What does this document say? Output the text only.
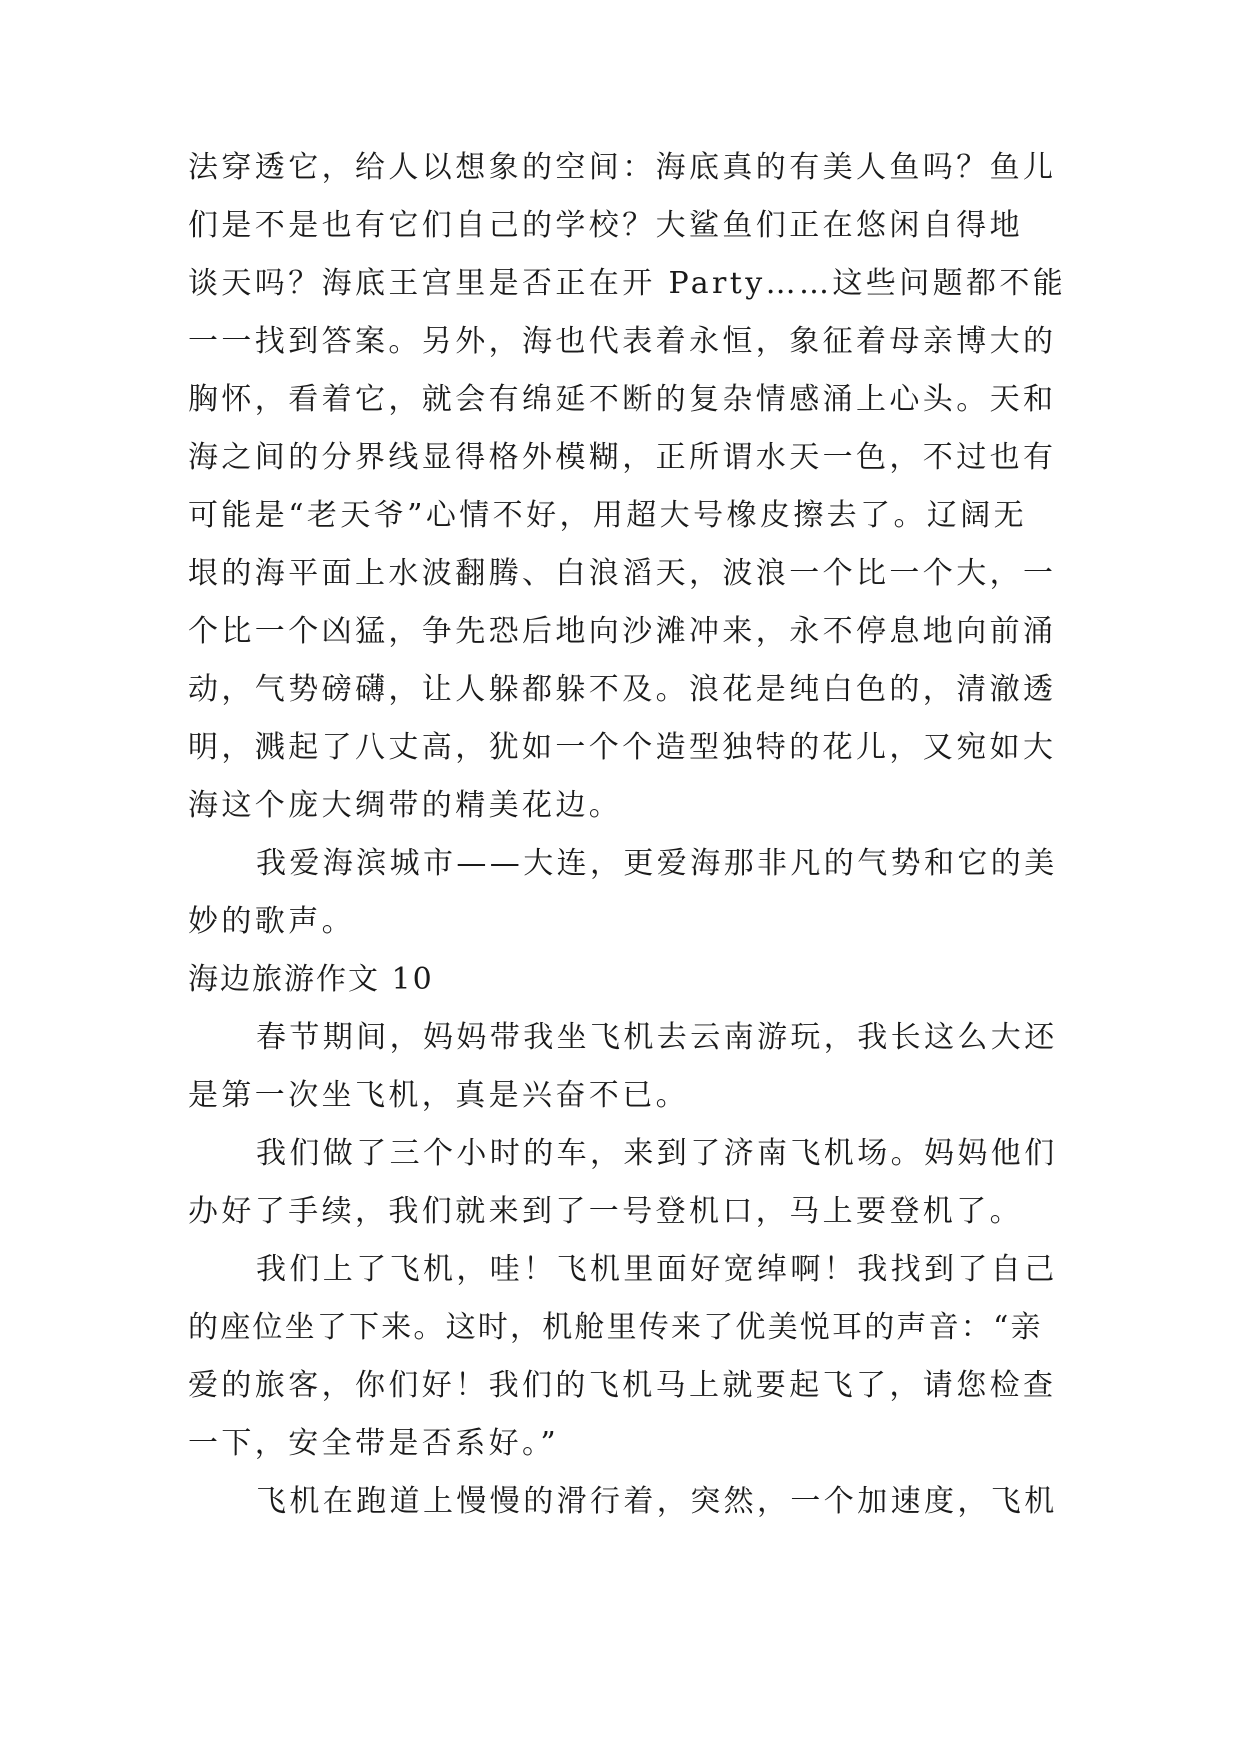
法穿透它，给人以想象的空间：海底真的有美人鱼吗？鱼儿
们是不是也有它们自己的学校？大鲨鱼们正在悠闲自得地
谈天吗？海底王宫里是否正在开 Party……这些问题都不能
一一找到答案。另外，海也代表着永恒，象征着母亲博大的
胸怀，看着它，就会有绵延不断的复杂情感涌上心头。天和
海之间的分界线显得格外模糊，正所谓水天一色，不过也有
可能是“老天爷”心情不好，用超大号橡皮擦去了。辽阔无
垠的海平面上水波翻腾、白浪滔天，波浪一个比一个大，一
个比一个凶猛，争先恐后地向沙滩冲来，永不停息地向前涌
动，气势磅礴，让人躲都躲不及。浪花是纯白色的，清澈透
明，溅起了八丈高，犹如一个个造型独特的花儿，又宛如大
海这个庞大绸带的精美花边。
我爱海滨城市——大连，更爱海那非凡的气势和它的美
妙的歌声。
海边旅游作文 10
春节期间，妈妈带我坐飞机去云南游玩，我长这么大还
是第一次坐飞机，真是兴奋不已。
我们做了三个小时的车，来到了济南飞机场。妈妈他们
办好了手续，我们就来到了一号登机口，马上要登机了。
我们上了飞机，哇！飞机里面好宽绰啊！我找到了自己
的座位坐了下来。这时，机舱里传来了优美悦耳的声音：“亲
爱的旅客，你们好！我们的飞机马上就要起飞了，请您检查
一下，安全带是否系好。”
飞机在跑道上慢慢的滑行着，突然，一个加速度，飞机
